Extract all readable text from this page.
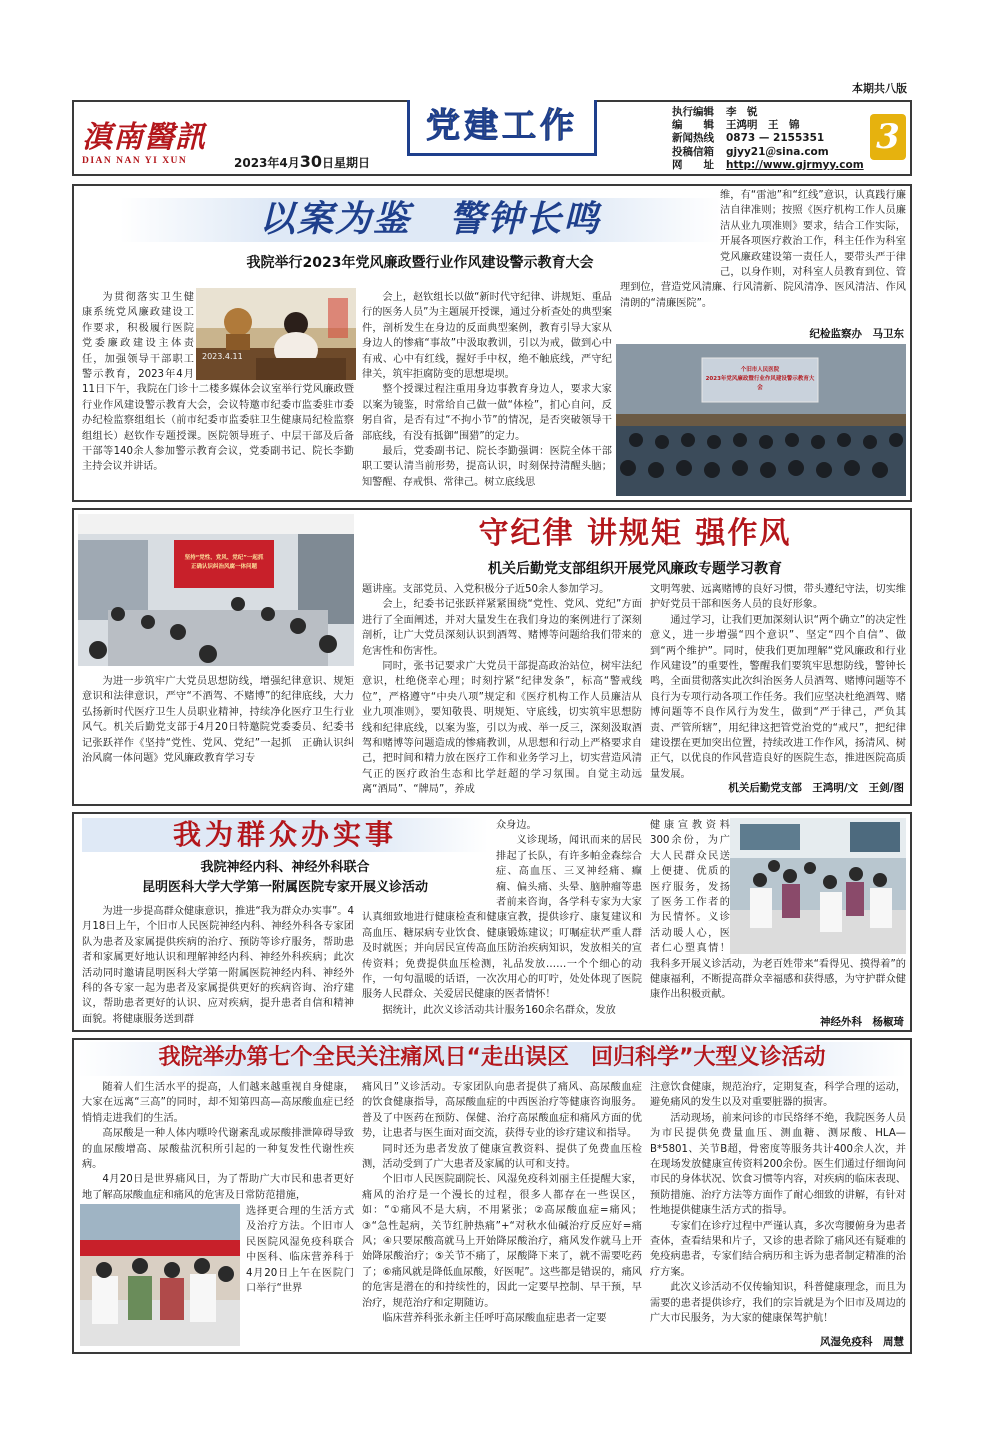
本期共八版
滇南醫訊
DIAN NAN YI XUN	2023年4月30日星期日
党建工作	执行编辑	李　锐
编　　辑	王鸿明　王　锦
新闻热线	0873 — 2155351
投稿信箱	gjyy21＠sina.com
网　　址	http://www.gjrmyy.com
3
以案为鉴　警钟长鸣
我院举行2023年党风廉政暨行业作风建设警示教育大会
2023.4.11

为贯彻落实卫生健康系统党风廉政建设工作要求，积极履行医院党委廉政建设主体责任，加强领导干部职工警示教育，2023年4月11日下午，我院在门诊十二楼多媒体会议室举行党风廉政暨行业作风建设警示教育大会，会议特邀市纪委市监委驻市委办纪检监察组组长（前市纪委市监委驻卫生健康局纪检监察组组长）赵钦作专题授课。医院领导班子、中层干部及后备干部等140余人参加警示教育会议，党委副书记、院长李勤主持会议并讲话。

会上，赵钦组长以做“新时代守纪律、讲规矩、重品行的医务人员”为主题展开授课，通过分析查处的典型案件，剖析发生在身边的反面典型案例，教育引导大家从身边人的惨痛“事故”中汲取教训，引以为戒，做到心中有戒、心中有红线，握好手中权，绝不触底线，严守纪律关，筑牢拒腐防变的思想堤坝。

整个授课过程注重用身边事教育身边人，要求大家以案为镜鉴，时常给自己做一做“体检”，扪心自问，反躬自省，是否有过“不拘小节”的情况，是否突破领导干部底线，有没有抵御“围猎”的定力。

最后，党委副书记、院长李勤强调：医院全体干部职工要认清当前形势，提高认识，时刻保持清醒头脑；知警醒、存戒惧、常律己。树立底线思

维，有“雷池”和“红线”意识，认真践行廉洁自律准则；按照《医疗机构工作人员廉洁从业九项准则》要求，结合工作实际，开展各项医疗救治工作，科主任作为科室党风廉政建设第一责任人，要带头严于律己，以身作则，对科室人员教育到位、管理到位，营造党风清廉、行风清新、院风清净、医风清洁、作风清朗的“清廉医院”。

纪检监察办　马卫东
个旧市人民医院
2023年党风廉政暨行业作风建设警示教育大会
坚持“党性、党风、党纪”一起抓
正确认识纠治风腐一体问题
守纪律 讲规矩 强作风
机关后勤党支部组织开展党风廉政专题学习教育

为进一步筑牢广大党员思想防线，增强纪律意识、规矩意识和法律意识，严守“不酒驾、不赌博”的纪律底线，大力弘扬新时代医疗卫生人员职业精神，持续净化医疗卫生行业风气。机关后勤党支部于4月20日特邀院党委委员、纪委书记张跃祥作《坚持“党性、党风、党纪”一起抓　正确认识纠治风腐一体问题》党风廉政教育学习专

题讲座。支部党员、入党积极分子近50余人参加学习。

会上，纪委书记张跃祥紧紧围绕“党性、党风、党纪”方面进行了全面阐述，并对大量发生在我们身边的案例进行了深刻剖析，让广大党员深刻认识到酒驾、赌博等问题给我们带来的危害性和伤害性。

同时，张书记要求广大党员干部提高政治站位，树牢法纪意识，杜绝侥幸心理；时刻拧紧“纪律发条”，标高“警戒线位”，严格遵守“中央八项”规定和《医疗机构工作人员廉洁从业九项准则》，要知敬畏、明规矩、守底线，切实筑牢思想防线和纪律底线，以案为鉴，引以为戒、举一反三，深刻汲取酒驾和赌博等问题造成的惨痛教训，从思想和行动上严格要求自己，把时间和精力放在医疗工作和业务学习上，切实营造风清气正的医疗政治生态和比学赶超的学习氛围。自觉主动远离“酒局”、“牌局”，养成

文明驾驶、远离赌博的良好习惯，带头遵纪守法，切实维护好党员干部和医务人员的良好形象。

通过学习，让我们更加深刻认识“两个确立”的决定性意义，进一步增强“四个意识”、坚定“四个自信”、做到“两个维护”。同时，使我们更加理解“党风廉政和行业作风建设”的重要性，警醒我们要筑牢思想防线，警钟长鸣，全面贯彻落实此次纠治医务人员酒驾、赌博问题等不良行为专项行动各项工作任务。我们应坚决杜绝酒驾、赌博问题等不良作风行为发生，做到“严于律己，严负其责、严管所辖”，用纪律这把管党治党的“戒尺”，把纪律建设摆在更加突出位置，持续改进工作作风，扬清风、树正气，以优良的作风营造良好的医院生态，推进医院高质量发展。

机关后勤党支部　王鸿明/文　王剑/图
我为群众办实事
我院神经内科、神经外科联合
昆明医科大学大学第一附属医院专家开展义诊活动

为进一步提高群众健康意识，推进“我为群众办实事”。4月18日上午，个旧市人民医院神经内科、神经外科各专家团队为患者及家属提供疾病的治疗、预防等诊疗服务，帮助患者和家属更好地认识和理解神经内科、神经外科疾病；此次活动同时邀请昆明医科大学第一附属医院神经内科、神经外科的各专家一起为患者及家属提供更好的疾病咨询、治疗建议，帮助患者更好的认识、应对疾病，提升患者自信和精神面貌。将健康服务送到群

众身边。

义诊现场，闻讯而来的居民排起了长队，有许多帕金森综合症、高血压、三叉神经痛、癫痫、偏头痛、头晕、脑肿瘤等患者前来咨询，各学科专家为大家认真细致地进行健康检查和健康宣教，提供诊疗、康复建议和高血压、糖尿病专业饮食、健康锻炼建议；叮嘱症状严重人群及时就医；并向居民宣传高血压防治疾病知识，发放相关的宣传资料；免费提供血压检测，礼品发放……一个个细心的动作，一句句温暖的话语，一次次用心的叮咛，处处体现了医院服务人民群众、关爱居民健康的医者情怀！

据统计，此次义诊活动共计服务160余名群众，发放

健康宣教资料300余份，为广大人民群众民送上便捷、优质的医疗服务，发扬了医务工作者的为民情怀。义诊活动暖人心，医者仁心塑真情！我科多开展义诊活动，为老百姓带来“看得见、摸得着”的健康福利，不断提高群众幸福感和获得感，为守护群众健康作出积极贡献。

神经外科　杨椒琦
我院举办第七个全民关注痛风日“走出误区　回归科学”大型义诊活动

随着人们生活水平的提高，人们越来越重视自身健康，大家在远离“三高”的同时，却不知第四高—高尿酸血症已经悄悄走进我们的生活。

高尿酸是一种人体内嘌呤代谢紊乱或尿酸排泄障碍导致的血尿酸增高、尿酸盐沉积所引起的一种复发性代谢性疾病。

4月20日是世界痛风日，为了帮助广大市民和患者更好地了解高尿酸血症和痛风的危害及日常防范措施，

选择更合理的生活方式及治疗方法。个旧市人民医院风湿免疫科联合中医科、临床营养科于4月20日上午在医院门口举行“世界

痛风日”义诊活动。专家团队向患者提供了痛风、高尿酸血症的饮食健康指导，高尿酸血症的中西医治疗等健康咨询服务。普及了中医药在预防、保健、治疗高尿酸血症和痛风方面的优势，让患者与医生面对面交流，获得专业的诊疗建议和指导。

同时还为患者发放了健康宣教资料、提供了免费血压检测，活动受到了广大患者及家属的认可和支持。

个旧市人民医院副院长、风湿免疫科刘丽主任提醒大家，痛风的治疗是一个漫长的过程，很多人都存在一些误区，如：“①痛风不是大病，不用紧张；②高尿酸血症=痛风；③“急性起病，关节红肿热痛”+“对秋水仙碱治疗反应好=痛风；④只要尿酸高就马上开始降尿酸治疗，痛风发作就马上开始降尿酸治疗；⑤关节不痛了，尿酸降下来了，就不需要吃药了；⑥痛风就是降低血尿酸，好医呢”。这些都是错误的，痛风的危害是潜在的和持续性的，因此一定要早控制、早干预，早治疗，规范治疗和定期随访。

临床营养科张永新主任呼吁高尿酸血症患者一定要

注意饮食健康，规范治疗，定期复查，科学合理的运动，避免痛风的发生以及对重要脏器的损害。

活动现场，前来问诊的市民络绎不绝，我院医务人员为市民提供免费量血压、测血糖、测尿酸、HLA—B*5801、关节B超，骨密度等服务共计400余人次，并在现场发放健康宣传资料200余份。医生们通过仔细询问市民的身体状况、饮食习惯等内容，对疾病的临床表现、预防措施、治疗方法等方面作了耐心细致的讲解，有针对性地提供健康生活方式的指导。

专家们在诊疗过程中严谨认真，多次弯腰俯身为患者查体，查看结果和片子，又诊的患者除了痛风还有疑难的免疫病患者，专家们结合病历和主诉为患者制定精准的治疗方案。

此次义诊活动不仅传输知识，科普健康理念，而且为需要的患者提供诊疗，我们的宗旨就是为个旧市及周边的广大市民服务，为大家的健康保驾护航！

风湿免疫科　周慧
